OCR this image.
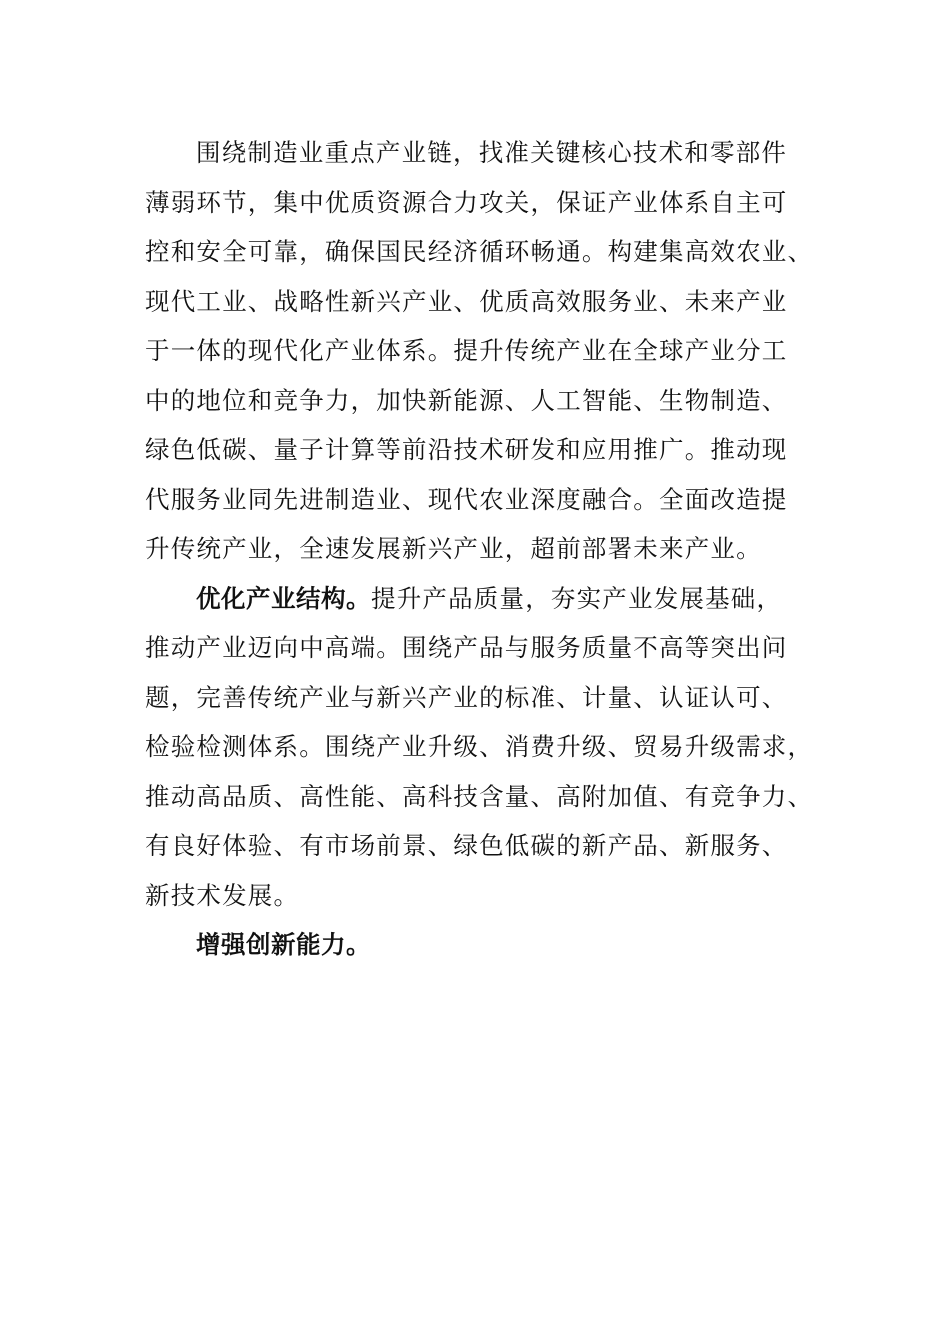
围绕制造业重点产业链，找准关键核心技术和零部件
薄弱环节，集中优质资源合力攻关，保证产业体系自主可
控和安全可靠，确保国民经济循环畅通。构建集高效农业、
现代工业、战略性新兴产业、优质高效服务业、未来产业
于一体的现代化产业体系。提升传统产业在全球产业分工
中的地位和竞争力，加快新能源、人工智能、生物制造、
绿色低碳、量子计算等前沿技术研发和应用推广。推动现
代服务业同先进制造业、现代农业深度融合。全面改造提
升传统产业，全速发展新兴产业，超前部署未来产业。
优化产业结构。提升产品质量，夯实产业发展基础，
推动产业迈向中高端。围绕产品与服务质量不高等突出问
题，完善传统产业与新兴产业的标准、计量、认证认可、
检验检测体系。围绕产业升级、消费升级、贸易升级需求，
推动高品质、高性能、高科技含量、高附加值、有竞争力、
有良好体验、有市场前景、绿色低碳的新产品、新服务、
新技术发展。
增强创新能力。
